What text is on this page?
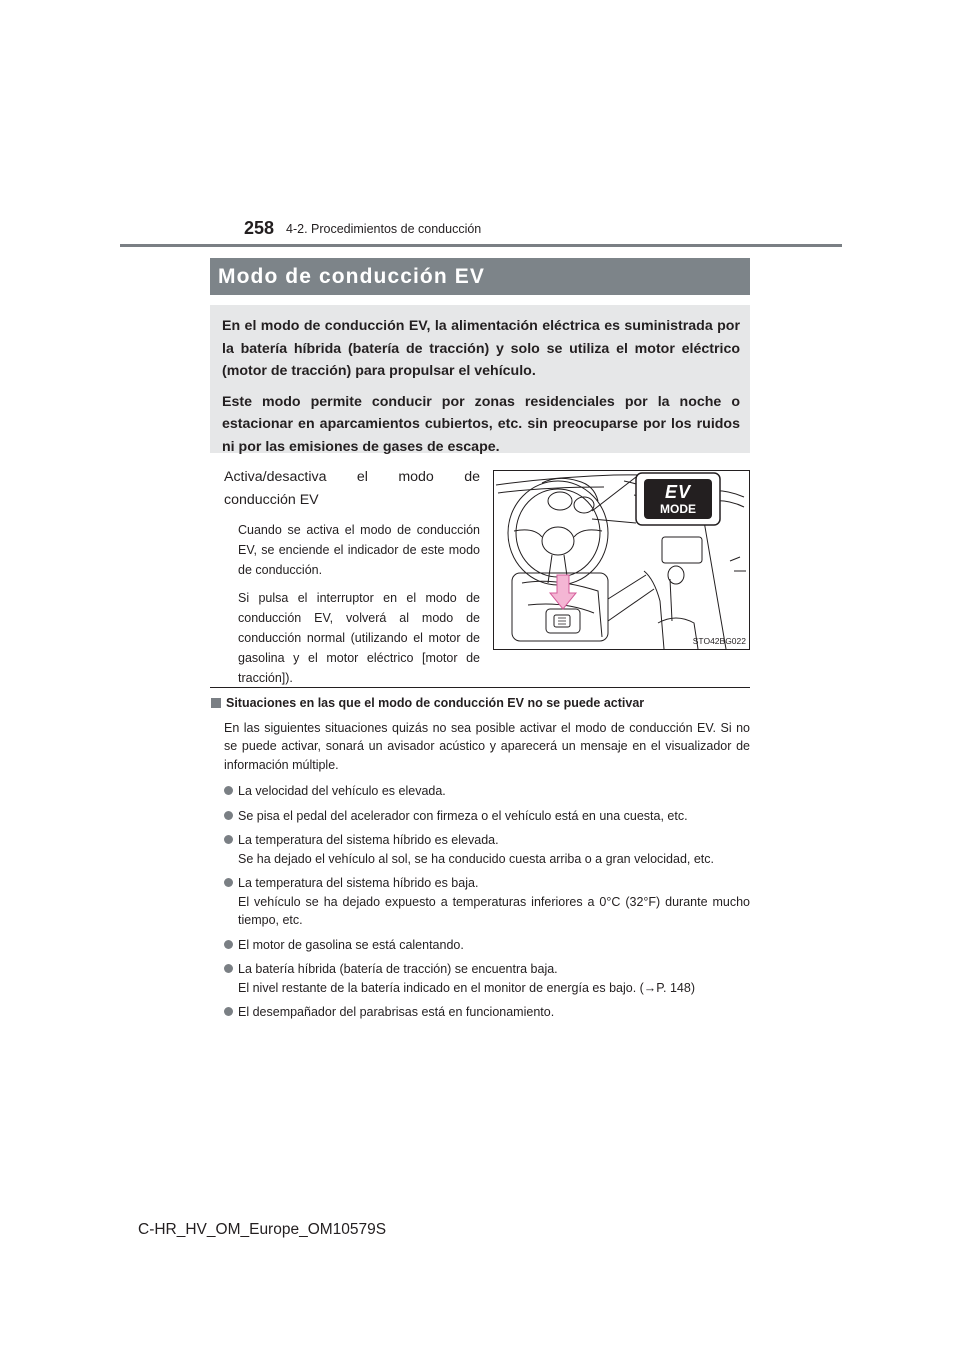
258 4-2. Procedimientos de conducción
Modo de conducción EV

En el modo de conducción EV, la alimentación eléctrica es suministrada por la batería híbrida (batería de tracción) y solo se utiliza el motor eléctrico (motor de tracción) para propulsar el vehículo.

Este modo permite conducir por zonas residenciales por la noche o estacionar en aparcamientos cubiertos, etc. sin preocuparse por los ruidos ni por las emisiones de gases de escape.

Activa/desactiva el modo de

conducción EV

Cuando se activa el modo de conducción EV, se enciende el indicador de este modo de conducción.

Si pulsa el interruptor en el modo de conducción EV, volverá al modo de conducción normal (utilizando el motor de gasolina y el motor eléctrico [motor de tracción]).

EV
MODE
STO42BG022
Situaciones en las que el modo de conducción EV no se puede activar
En las siguientes situaciones quizás no sea posible activar el modo de conducción EV. Si no se puede activar, sonará un avisador acústico y aparecerá un mensaje en el visualizador de información múltiple.
La velocidad del vehículo es elevada.
Se pisa el pedal del acelerador con firmeza o el vehículo está en una cuesta, etc.
La temperatura del sistema híbrido es elevada.
Se ha dejado el vehículo al sol, se ha conducido cuesta arriba o a gran velocidad, etc.
La temperatura del sistema híbrido es baja.
El vehículo se ha dejado expuesto a temperaturas inferiores a 0°C (32°F) durante mucho tiempo, etc.
El motor de gasolina se está calentando.
La batería híbrida (batería de tracción) se encuentra baja.
El nivel restante de la batería indicado en el monitor de energía es bajo. (→P. 148)
El desempañador del parabrisas está en funcionamiento.
C-HR_HV_OM_Europe_OM10579S
